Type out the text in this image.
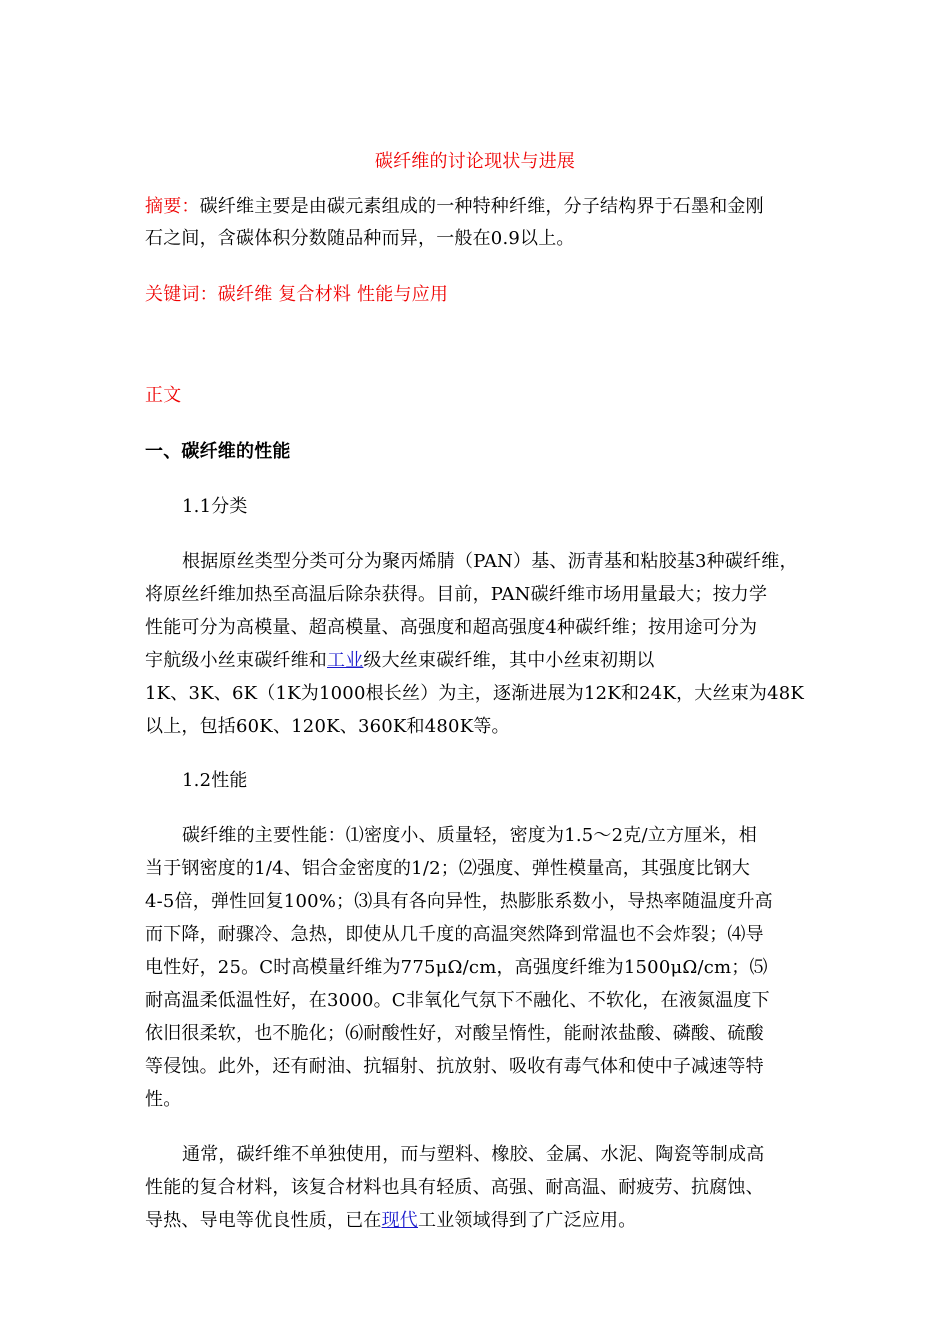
碳纤维的讨论现状与进展
摘要：碳纤维主要是由碳元素组成的一种特种纤维，分子结构界于石墨和金刚
石之间，含碳体积分数随品种而异，一般在0.9以上。
关键词：碳纤维 复合材料 性能与应用
正文
一、碳纤维的性能
1.1分类
根据原丝类型分类可分为聚丙烯腈（PAN）基、沥青基和粘胶基3种碳纤维，
将原丝纤维加热至高温后除杂获得。目前，PAN碳纤维市场用量最大；按力学
性能可分为高模量、超高模量、高强度和超高强度4种碳纤维；按用途可分为
宇航级小丝束碳纤维和工业级大丝束碳纤维，其中小丝束初期以
1K、3K、6K（1K为1000根长丝）为主，逐渐进展为12K和24K，大丝束为48K
以上，包括60K、120K、360K和480K等。
1.2性能
碳纤维的主要性能：⑴密度小、质量轻，密度为1.5～2克/立方厘米，相
当于钢密度的1/4、铝合金密度的1/2；⑵强度、弹性模量高，其强度比钢大
4-5倍，弹性回复100%；⑶具有各向异性，热膨胀系数小，导热率随温度升高
而下降，耐骤冷、急热，即使从几千度的高温突然降到常温也不会炸裂；⑷导
电性好，25。C时高模量纤维为775μΩ/cm，高强度纤维为1500μΩ/cm；⑸
耐高温柔低温性好，在3000。C非氧化气氛下不融化、不软化，在液氮温度下
依旧很柔软，也不脆化；⑹耐酸性好，对酸呈惰性，能耐浓盐酸、磷酸、硫酸
等侵蚀。此外，还有耐油、抗辐射、抗放射、吸收有毒气体和使中子减速等特
性。
通常，碳纤维不单独使用，而与塑料、橡胶、金属、水泥、陶瓷等制成高
性能的复合材料，该复合材料也具有轻质、高强、耐高温、耐疲劳、抗腐蚀、
导热、导电等优良性质，已在现代工业领域得到了广泛应用。
